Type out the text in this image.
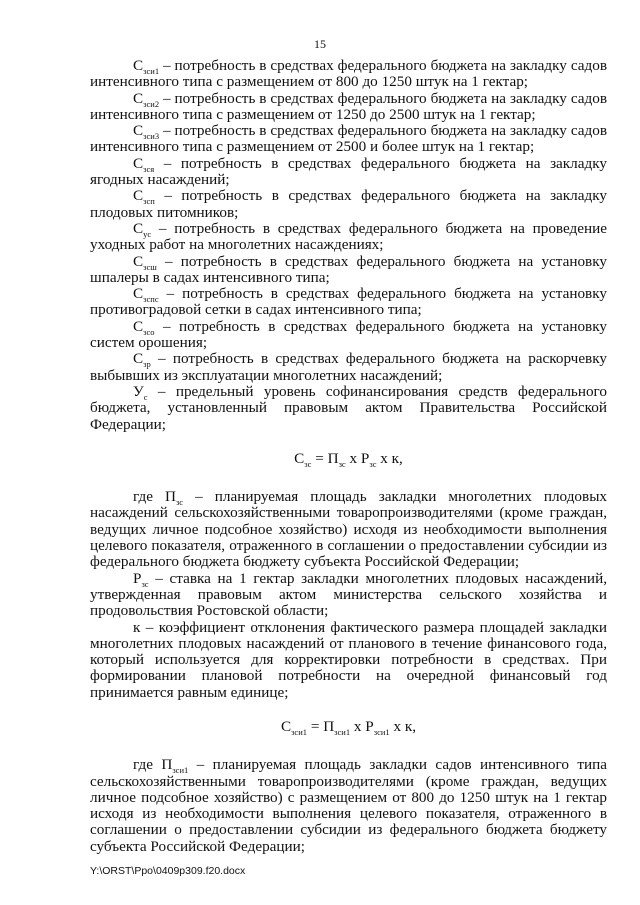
15

$С_{зси1}$ – потребность в средствах федерального бюджета на закладку садов интенсивного типа с размещением от 800 до 1250 штук на 1 гектар;

$С_{зси2}$ – потребность в средствах федерального бюджета на закладку садов интенсивного типа с размещением от 1250 до 2500 штук на 1 гектар;

$С_{зси3}$ – потребность в средствах федерального бюджета на закладку садов интенсивного типа с размещением от 2500 и более штук на 1 гектар;

$С_{зся}$ – потребность в средствах федерального бюджета на закладку ягодных насаждений;

$С_{зсп}$ – потребность в средствах федерального бюджета на закладку плодовых питомников;

$С_{ус}$ – потребность в средствах федерального бюджета на проведение уходных работ на многолетних насаждениях;

$С_{зсш}$ – потребность в средствах федерального бюджета на установку шпалеры в садах интенсивного типа;

$С_{зспс}$ – потребность в средствах федерального бюджета на установку противоградовой сетки в садах интенсивного типа;

$С_{зсо}$ – потребность в средствах федерального бюджета на установку систем орошения;

$С_{зр}$ – потребность в средствах федерального бюджета на раскорчевку выбывших из эксплуатации многолетних насаждений;

$У_с$ – предельный уровень софинансирования средств федерального бюджета, установленный правовым актом Правительства Российской Федерации;

$С_{зс} = П_{зс}$ х $Р_{зс}$ х к,

где $П_{зс}$ – планируемая площадь закладки многолетних плодовых насаждений сельскохозяйственными товаропроизводителями (кроме граждан, ведущих личное подсобное хозяйство) исходя из необходимости выполнения целевого показателя, отраженного в соглашении о предоставлении субсидии из федерального бюджета бюджету субъекта Российской Федерации;

$Р_{зс}$ – ставка на 1 гектар закладки многолетних плодовых насаждений, утвержденная правовым актом министерства сельского хозяйства и продовольствия Ростовской области;

к – коэффициент отклонения фактического размера площадей закладки многолетних плодовых насаждений от планового в течение финансового года, который используется для корректировки потребности в средствах. При формировании плановой потребности на очередной финансовый год принимается равным единице;

$С_{зси1} = П_{зси1}$ х $Р_{зси1}$ х к,

где $П_{зси1}$ – планируемая площадь закладки садов интенсивного типа сельскохозяйственными товаропроизводителями (кроме граждан, ведущих личное подсобное хозяйство) с размещением от 800 до 1250 штук на 1 гектар исходя из необходимости выполнения целевого показателя, отраженного в соглашении о предоставлении субсидии из федерального бюджета бюджету субъекта Российской Федерации;

Y:\ORST\Ppo\0409p309.f20.docx
